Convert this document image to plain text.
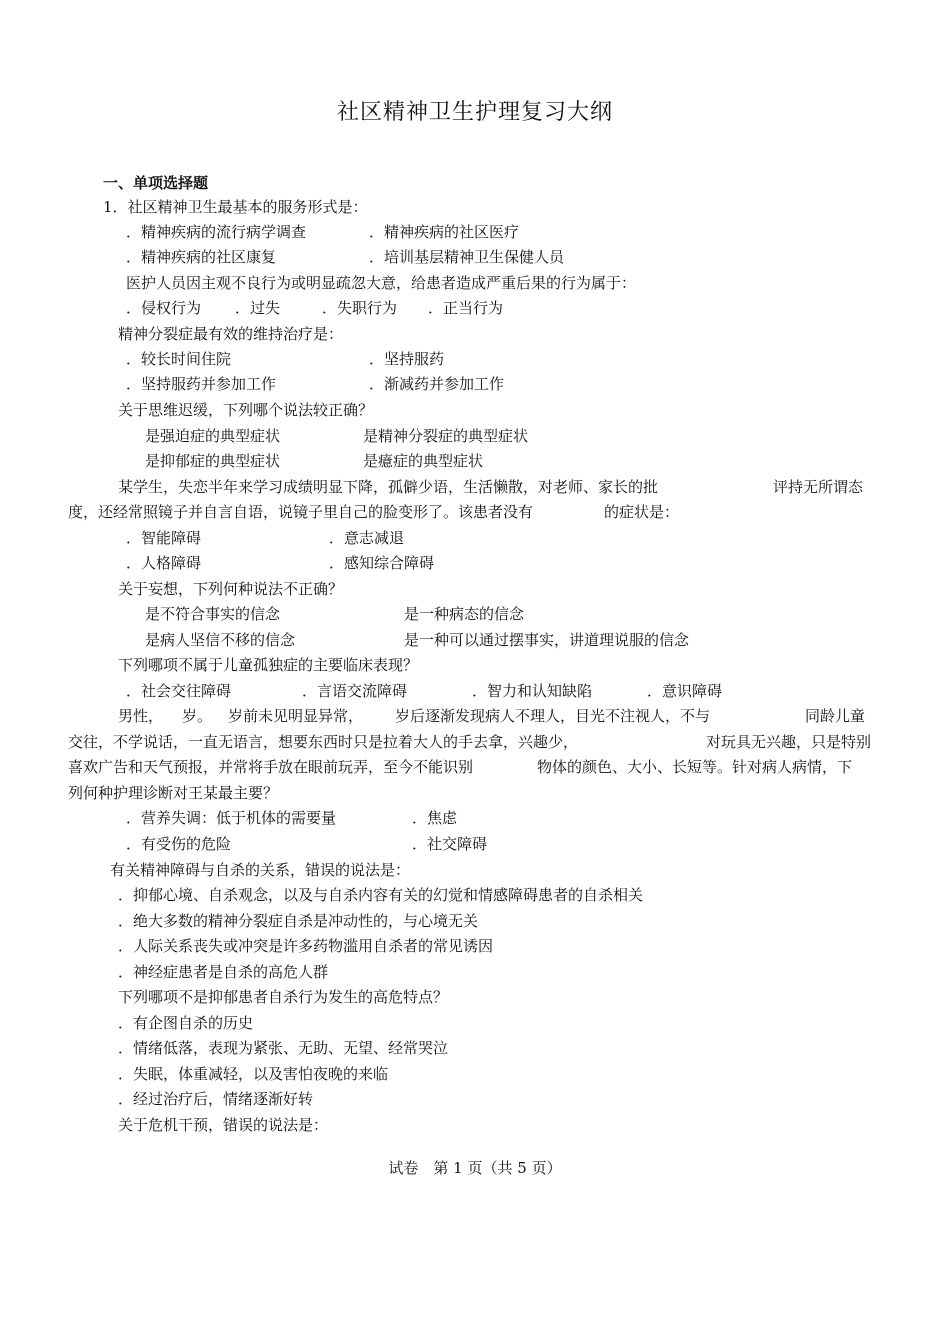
社区精神卫生护理复习大纲
一、单项选择题
1．社区精神卫生最基本的服务形式是：
．精神疾病的流行病学调查	．精神疾病的社区医疗
．精神疾病的社区康复	．培训基层精神卫生保健人员
医护人员因主观不良行为或明显疏忽大意，给患者造成严重后果的行为属于：
．侵权行为 ．过失	．失职行为 ．正当行为
精神分裂症最有效的维持治疗是：
．较长时间住院	．坚持服药
．坚持服药并参加工作	．渐减药并参加工作
关于思维迟缓，下列哪个说法较正确？
是强迫症的典型症状	是精神分裂症的典型症状
是抑郁症的典型症状	是癔症的典型症状
某学生，失恋半年来学习成绩明显下降，孤僻少语，生活懒散，对老师、家长的批	评持无所谓态
度，还经常照镜子并自言自语，说镜子里自己的脸变形了。该患者没有	的症状是：
．智能障碍	．意志减退
．人格障碍	．感知综合障碍
关于妄想，下列何种说法不正确？
是不符合事实的信念	是一种病态的信念
是病人坚信不移的信念	是一种可以通过摆事实，讲道理说服的信念
下列哪项不属于儿童孤独症的主要临床表现？
．社会交往障碍	．言语交流障碍	．智力和认知缺陷	．意识障碍
男性， 岁。 岁前未见明显异常， 岁后逐渐发现病人不理人，目光不注视人，不与	同龄儿童
交往，不学说话，一直无语言，想要东西时只是拉着大人的手去拿，兴趣少，	对玩具无兴趣，只是特别
喜欢广告和天气预报，并常将手放在眼前玩弄，至今不能识别	物体的颜色、大小、长短等。针对病人病情，下
列何种护理诊断对王某最主要？
．营养失调：低于机体的需要量	．焦虑
．有受伤的危险	．社交障碍
有关精神障碍与自杀的关系，错误的说法是：
．抑郁心境、自杀观念，以及与自杀内容有关的幻觉和情感障碍患者的自杀相关
．绝大多数的精神分裂症自杀是冲动性的，与心境无关
．人际关系丧失或冲突是许多药物滥用自杀者的常见诱因
．神经症患者是自杀的高危人群
下列哪项不是抑郁患者自杀行为发生的高危特点？
．有企图自杀的历史
．情绪低落，表现为紧张、无助、无望、经常哭泣
．失眠，体重减轻，以及害怕夜晚的来临
．经过治疗后，情绪逐渐好转
关于危机干预，错误的说法是：
试卷　第 1 页（共 5 页）
